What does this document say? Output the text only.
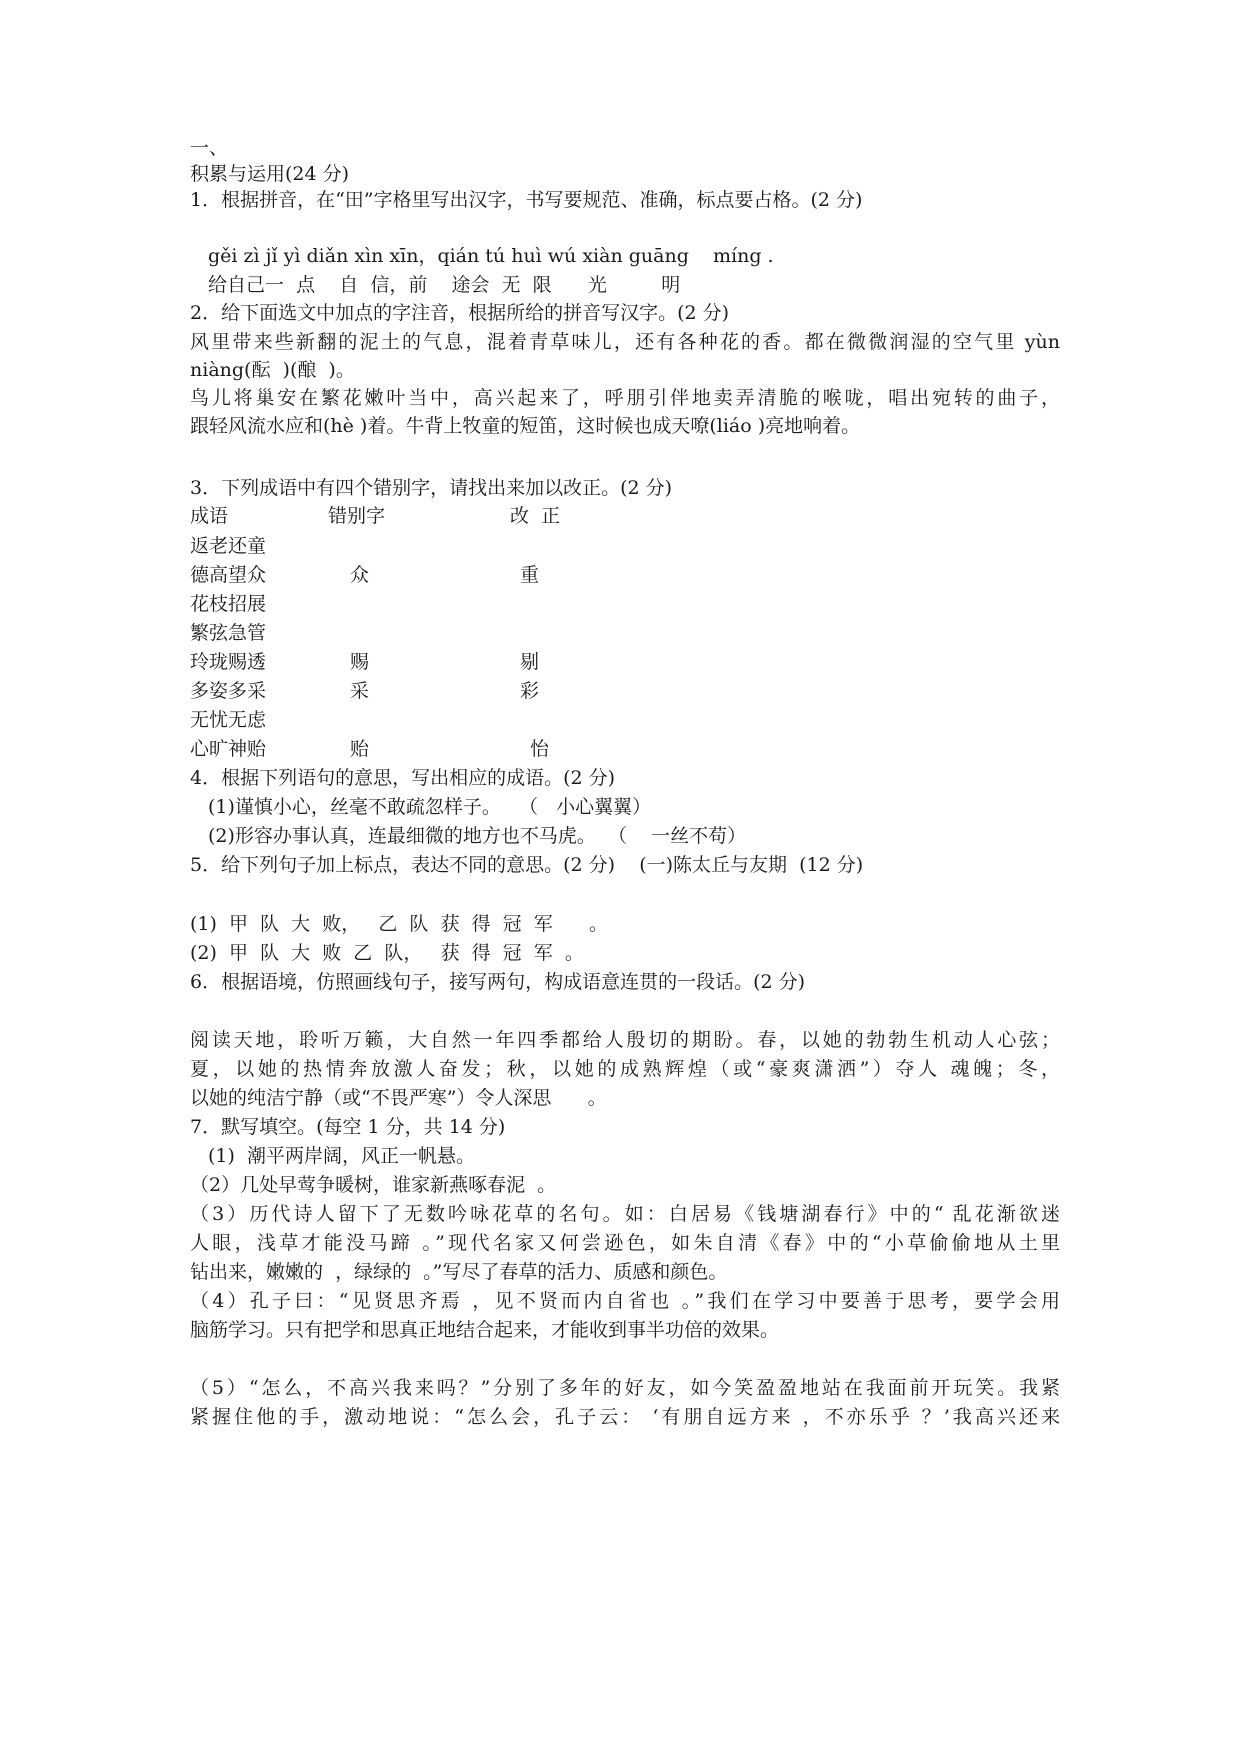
一、
积累与运用(24 分)
1．根据拼音，在“田”字格里写出汉字，书写要规范、准确，标点要占格。(2 分)
gěi zì jǐ yì diǎn xìn xīn，qián tú huì wú xiàn guāng    míng .
给自己一  点    自  信，前    途会  无  限      光         明
2．给下面选文中加点的字注音，根据所给的拼音写汉字。(2 分)
风里带来些新翻的泥土的气息，混着青草味儿，还有各种花的香。都在微微润湿的空气里 yùn
niàng(酝  )(酿  )。
鸟儿将巢安在繁花嫩叶当中，高兴起来了，呼朋引伴地卖弄清脆的喉咙，唱出宛转的曲子，
跟轻风流水应和(hè )着。牛背上牧童的短笛，这时候也成天嘹(liáo )亮地响着。
3．下列成语中有四个错别字，请找出来加以改正。(2 分)
成语	错别字	改  正
返老还童
德高望众	众	重
花枝招展
繁弦急管
玲珑赐透	赐	剔
多姿多采	采	彩
无忧无虑
心旷神贻	贻	怡
4．根据下列语句的意思，写出相应的成语。(2 分)
(1)谨慎小心，丝毫不敢疏忽样子。   （   小心翼翼）
(2)形容办事认真，连最细微的地方也不马虎。  （    一丝不苟）
5．给下列句子加上标点，表达不同的意思。(2 分)    (一)陈太丘与友期  (12 分)
(1)  甲  队  大  败，   乙  队  获  得  冠  军      。
(2)  甲  队  大  败  乙  队，   获  得  冠  军  。
6．根据语境，仿照画线句子，接写两句，构成语意连贯的一段话。(2 分)
阅读天地，聆听万籁，大自然一年四季都给人殷切的期盼。春，以她的勃勃生机动人心弦；
夏，以她的热情奔放激人奋发；秋，以她的成熟辉煌（或“豪爽潇洒”）夺人 魂魄；冬，
以她的纯洁宁静（或“不畏严寒”）令人深思      。
7．默写填空。(每空 1 分，共 14 分)
(1)  潮平两岸阔，风正一帆悬。
（2）几处早莺争暖树，谁家新燕啄春泥  。
（3）历代诗人留下了无数吟咏花草的名句。如：白居易《钱塘湖春行》中的“ 乱花渐欲迷
人眼，浅草才能没马蹄 。”现代名家又何尝逊色，如朱自清《春》中的“小草偷偷地从土里
钻出来，嫩嫩的  ，绿绿的  。”写尽了春草的活力、质感和颜色。
（4）孔子曰：“见贤思齐焉 ，见不贤而内自省也 。”我们在学习中要善于思考，要学会用
脑筋学习。只有把学和思真正地结合起来，才能收到事半功倍的效果。
（5）“怎么，不高兴我来吗？”分别了多年的好友，如今笑盈盈地站在我面前开玩笑。我紧
紧握住他的手，激动地说：“怎么会，孔子云： ‘有朋自远方来 ，不亦乐乎 ？’我高兴还来
